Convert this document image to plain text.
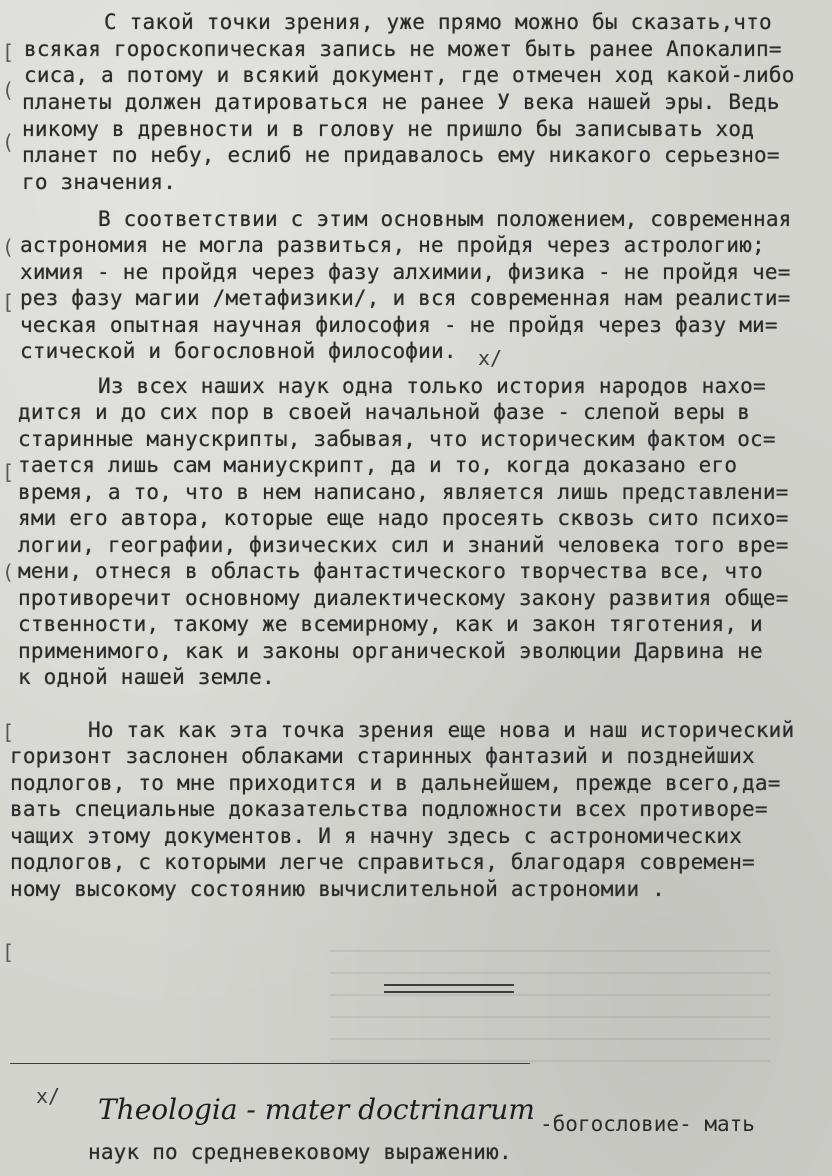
[
(
(
(
[
[
(
[
[
С такой точки зрения, уже прямо можно бы сказать,что
всякая гороскопическая запись не может быть ранее Апокалип=
сиса, а потому и всякий документ, где отмечен ход какой-либо
планеты должен датироваться не ранее У века нашей эры. Ведь
никому в древности и в голову не пришло бы записывать ход
планет по небу, еслиб не придавалось ему никакого серьезно=
го значения.
В соответствии с этим основным положением, современная
астрономия не могла развиться, не пройдя через астрологию;
химия - не пройдя через фазу алхимии, физика - не пройдя че=
рез фазу магии /метафизики/, и вся современная нам реалисти=
ческая опытная научная философия - не пройдя через фазу ми=
стической и богословной философии.
Из всех наших наук одна только история народов нахо=
x/
дится и до сих пор в своей начальной фазе - слепой веры в
старинные манускрипты, забывая, что историческим фактом ос=
тается лишь сам маниускрипт, да и то, когда доказано его
время, а то, что в нем написано, является лишь представлени=
ями его автора, которые еще надо просеять сквозь сито психо=
логии, географии, физических сил и знаний человека того вре=
мени, отнеся в область фантастического творчества все, что
противоречит основному диалектическому закону развития обще=
ственности, такому же всемирному, как и закон тяготения, и
применимого, как и законы органической эволюции Дарвина не
к одной нашей земле.
Но так как эта точка зрения еще нова и наш исторический
горизонт заслонен облаками старинных фантазий и позднейших
подлогов, то мне приходится и в дальнейшем, прежде всего,да=
вать специальные доказательства подложности всех противоре=
чащих этому документов. И я начну здесь с астрономических
подлогов, с которыми легче справиться, благодаря современ=
ному высокому состоянию вычислительной астрономии .
x/ Theologia - mater doctrinarum -богословие- мать
наук по средневековому выражению.
